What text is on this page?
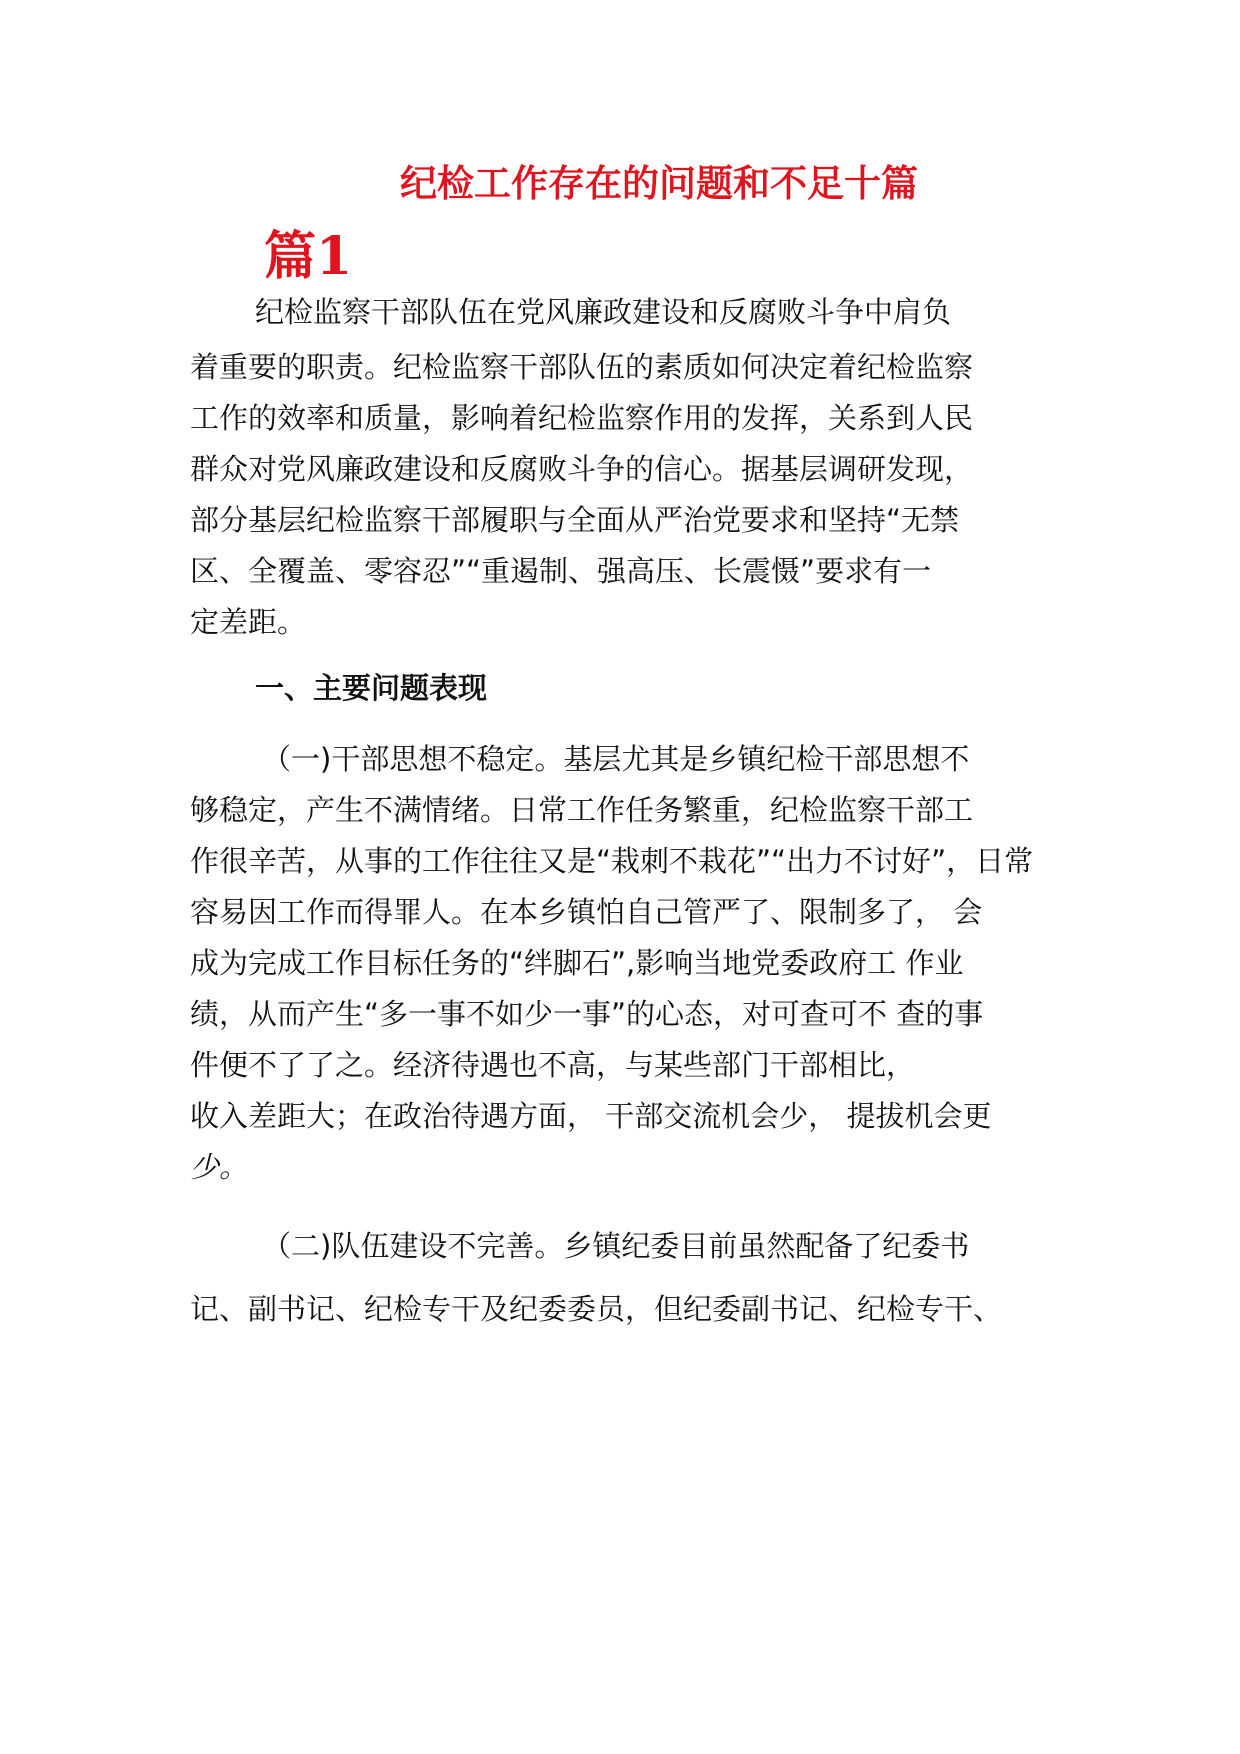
纪检工作存在的问题和不足十篇
篇1
纪检监察干部队伍在党风廉政建设和反腐败斗争中肩负
着重要的职责。纪检监察干部队伍的素质如何决定着纪检监察
工作的效率和质量，影响着纪检监察作用的发挥，关系到人民
群众对党风廉政建设和反腐败斗争的信心。据基层调研发现，
部分基层纪检监察干部履职与全面从严治党要求和坚持“无禁
区、全覆盖、零容忍”“重遏制、强高压、长震慑”要求有一
定差距。
一、主要问题表现
（一)干部思想不稳定。基层尤其是乡镇纪检干部思想不
够稳定，产生不满情绪。日常工作任务繁重，纪检监察干部工
作很辛苦，从事的工作往往又是“栽刺不栽花”“出力不讨好”，日常
容易因工作而得罪人。在本乡镇怕自己管严了、限制多了， 会
成为完成工作目标任务的“绊脚石”,影响当地党委政府工 作业
绩，从而产生“多一事不如少一事”的心态，对可查可不 查的事
件便不了了之。经济待遇也不高，与某些部门干部相比，
收入差距大；在政治待遇方面， 干部交流机会少， 提拔机会更
少。
（二)队伍建设不完善。乡镇纪委目前虽然配备了纪委书
记、副书记、纪检专干及纪委委员，但纪委副书记、纪检专干、
